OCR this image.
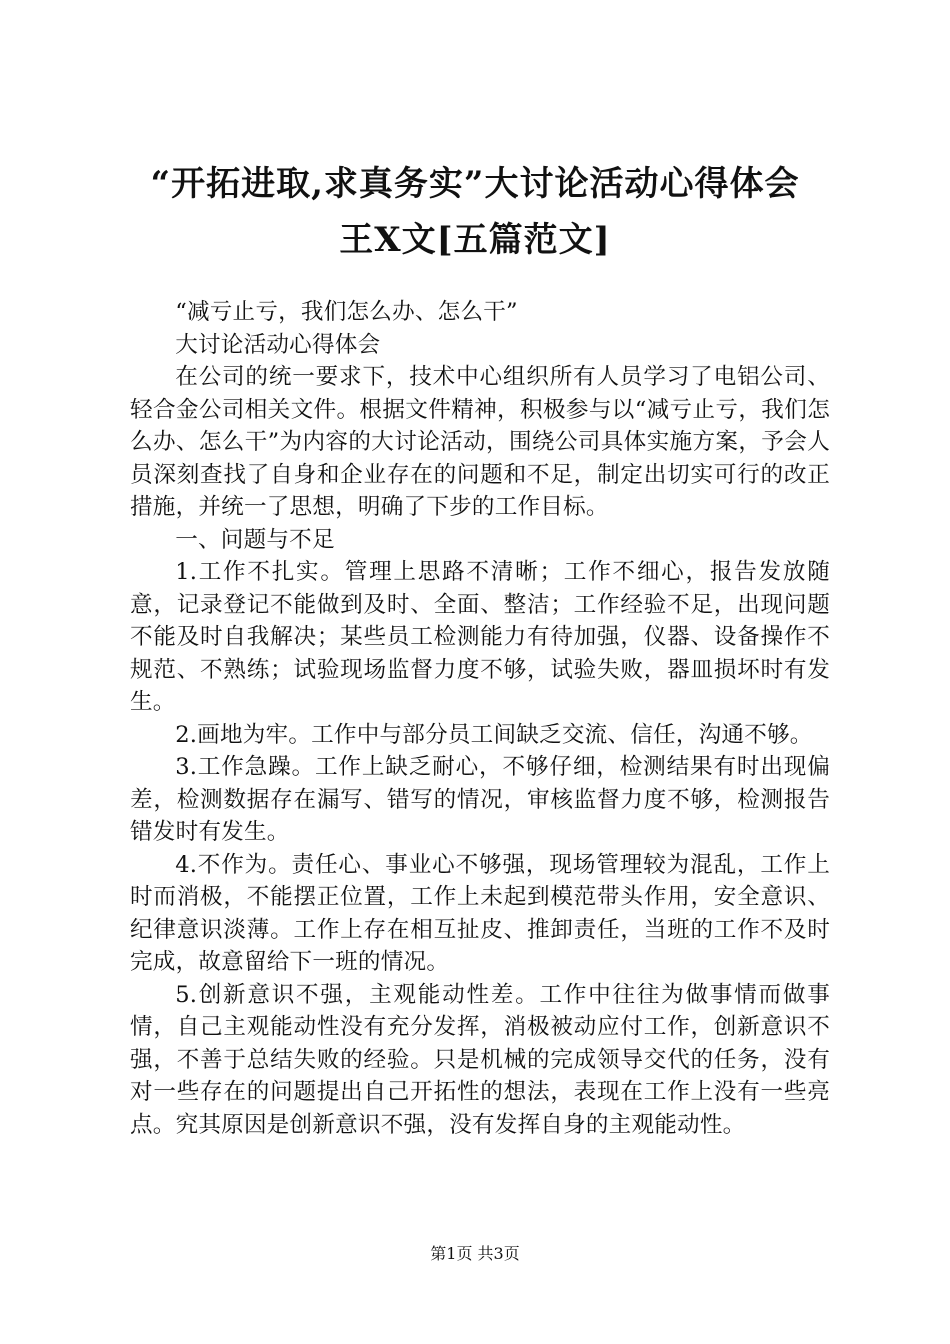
“开拓进取,求真务实”大讨论活动心得体会
王X文[五篇范文]

“减亏止亏，我们怎么办、怎么干”

大讨论活动心得体会

在公司的统一要求下，技术中心组织所有人员学习了电铝公司、轻合金公司相关文件。根据文件精神，积极参与以“减亏止亏，我们怎么办、怎么干”为内容的大讨论活动，围绕公司具体实施方案，予会人员深刻查找了自身和企业存在的问题和不足，制定出切实可行的改正措施，并统一了思想，明确了下步的工作目标。

一、问题与不足

1.工作不扎实。管理上思路不清晰；工作不细心，报告发放随意，记录登记不能做到及时、全面、整洁；工作经验不足，出现问题不能及时自我解决；某些员工检测能力有待加强，仪器、设备操作不规范、不熟练；试验现场监督力度不够，试验失败，器皿损坏时有发生。

2.画地为牢。工作中与部分员工间缺乏交流、信任，沟通不够。

3.工作急躁。工作上缺乏耐心，不够仔细，检测结果有时出现偏差，检测数据存在漏写、错写的情况，审核监督力度不够，检测报告错发时有发生。

4.不作为。责任心、事业心不够强，现场管理较为混乱，工作上时而消极，不能摆正位置，工作上未起到模范带头作用，安全意识、纪律意识淡薄。工作上存在相互扯皮、推卸责任，当班的工作不及时完成，故意留给下一班的情况。

5.创新意识不强，主观能动性差。工作中往往为做事情而做事情，自己主观能动性没有充分发挥，消极被动应付工作，创新意识不强，不善于总结失败的经验。只是机械的完成领导交代的任务，没有对一些存在的问题提出自己开拓性的想法，表现在工作上没有一些亮点。究其原因是创新意识不强，没有发挥自身的主观能动性。

第1页 共3页
